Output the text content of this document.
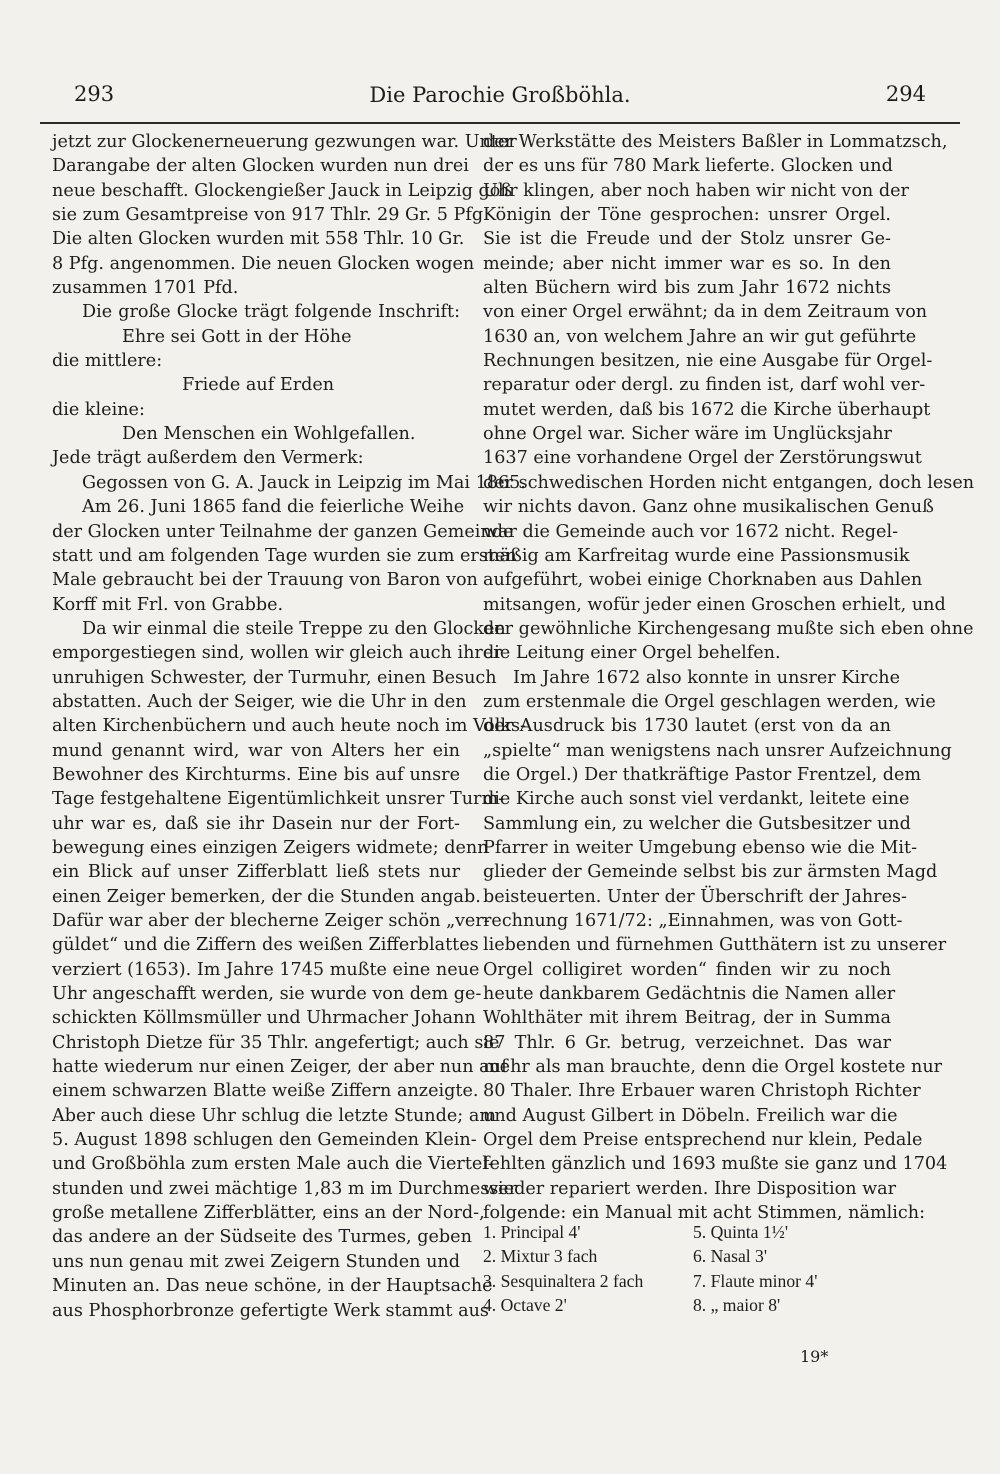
293	Die Parochie Großböhla.	294
jetzt zur Glockenerneuerung gezwungen war. Unter
Darangabe der alten Glocken wurden nun drei
neue beschafft. Glockengießer Jauck in Leipzig goß
sie zum Gesamtpreise von 917 Thlr. 29 Gr. 5 Pfg
Die alten Glocken wurden mit 558 Thlr. 10 Gr.
8 Pfg. angenommen. Die neuen Glocken wogen
zusammen 1701 Pfd.
Die große Glocke trägt folgende Inschrift:
Ehre sei Gott in der Höhe
die mittlere:
Friede auf Erden
die kleine:
Den Menschen ein Wohlgefallen.
Jede trägt außerdem den Vermerk:
Gegossen von G. A. Jauck in Leipzig im Mai 1865.
Am 26. Juni 1865 fand die feierliche Weihe
der Glocken unter Teilnahme der ganzen Gemeinde
statt und am folgenden Tage wurden sie zum ersten
Male gebraucht bei der Trauung von Baron von
Korff mit Frl. von Grabbe.
Da wir einmal die steile Treppe zu den Glocken
emporgestiegen sind, wollen wir gleich auch ihrer
unruhigen Schwester, der Turmuhr, einen Besuch
abstatten. Auch der Seiger, wie die Uhr in den
alten Kirchenbüchern und auch heute noch im Volks-
mund genannt wird, war von Alters her ein
Bewohner des Kirchturms. Eine bis auf unsre
Tage festgehaltene Eigentümlichkeit unsrer Turm-
uhr war es, daß sie ihr Dasein nur der Fort-
bewegung eines einzigen Zeigers widmete; denn
ein Blick auf unser Zifferblatt ließ stets nur
einen Zeiger bemerken, der die Stunden angab.
Dafür war aber der blecherne Zeiger schön „ver-
güldet“ und die Ziffern des weißen Zifferblattes
verziert (1653). Im Jahre 1745 mußte eine neue
Uhr angeschafft werden, sie wurde von dem ge-
schickten Köllmsmüller und Uhrmacher Johann
Christoph Dietze für 35 Thlr. angefertigt; auch sie
hatte wiederum nur einen Zeiger, der aber nun auf
einem schwarzen Blatte weiße Ziffern anzeigte.
Aber auch diese Uhr schlug die letzte Stunde; am
5. August 1898 schlugen den Gemeinden Klein-
und Großböhla zum ersten Male auch die Viertel-
stunden und zwei mächtige 1,83 m im Durchmesser
große metallene Zifferblätter, eins an der Nord-,
das andere an der Südseite des Turmes, geben
uns nun genau mit zwei Zeigern Stunden und
Minuten an. Das neue schöne, in der Hauptsache
aus Phosphorbronze gefertigte Werk stammt aus
der Werkstätte des Meisters Baßler in Lommatzsch,
der es uns für 780 Mark lieferte. Glocken und
Uhr klingen, aber noch haben wir nicht von der
Königin der Töne gesprochen: unsrer Orgel.
Sie ist die Freude und der Stolz unsrer Ge-
meinde; aber nicht immer war es so. In den
alten Büchern wird bis zum Jahr 1672 nichts
von einer Orgel erwähnt; da in dem Zeitraum von
1630 an, von welchem Jahre an wir gut geführte
Rechnungen besitzen, nie eine Ausgabe für Orgel-
reparatur oder dergl. zu finden ist, darf wohl ver-
mutet werden, daß bis 1672 die Kirche überhaupt
ohne Orgel war. Sicher wäre im Unglücksjahr
1637 eine vorhandene Orgel der Zerstörungswut
der schwedischen Horden nicht entgangen, doch lesen
wir nichts davon. Ganz ohne musikalischen Genuß
war die Gemeinde auch vor 1672 nicht. Regel-
mäßig am Karfreitag wurde eine Passionsmusik
aufgeführt, wobei einige Chorknaben aus Dahlen
mitsangen, wofür jeder einen Groschen erhielt, und
der gewöhnliche Kirchengesang mußte sich eben ohne
die Leitung einer Orgel behelfen.
Im Jahre 1672 also konnte in unsrer Kirche
zum erstenmale die Orgel geschlagen werden, wie
der Ausdruck bis 1730 lautet (erst von da an
„spielte“ man wenigstens nach unsrer Aufzeichnung
die Orgel.) Der thatkräftige Pastor Frentzel, dem
die Kirche auch sonst viel verdankt, leitete eine
Sammlung ein, zu welcher die Gutsbesitzer und
Pfarrer in weiter Umgebung ebenso wie die Mit-
glieder der Gemeinde selbst bis zur ärmsten Magd
beisteuerten. Unter der Überschrift der Jahres-
rechnung 1671/72: „Einnahmen, was von Gott-
liebenden und fürnehmen Gutthätern ist zu unserer
Orgel colligiret worden“ finden wir zu noch
heute dankbarem Gedächtnis die Namen aller
Wohlthäter mit ihrem Beitrag, der in Summa
87 Thlr. 6 Gr. betrug, verzeichnet. Das war
mehr als man brauchte, denn die Orgel kostete nur
80 Thaler. Ihre Erbauer waren Christoph Richter
und August Gilbert in Döbeln. Freilich war die
Orgel dem Preise entsprechend nur klein, Pedale
fehlten gänzlich und 1693 mußte sie ganz und 1704
wieder repariert werden. Ihre Disposition war
folgende: ein Manual mit acht Stimmen, nämlich:
1. Principal 4'	5. Quinta 1½'
2. Mixtur 3 fach	6. Nasal 3'
3. Sesquinaltera 2 fach	7. Flaute minor 4'
4. Octave 2'	8. „ maior 8'
19*
